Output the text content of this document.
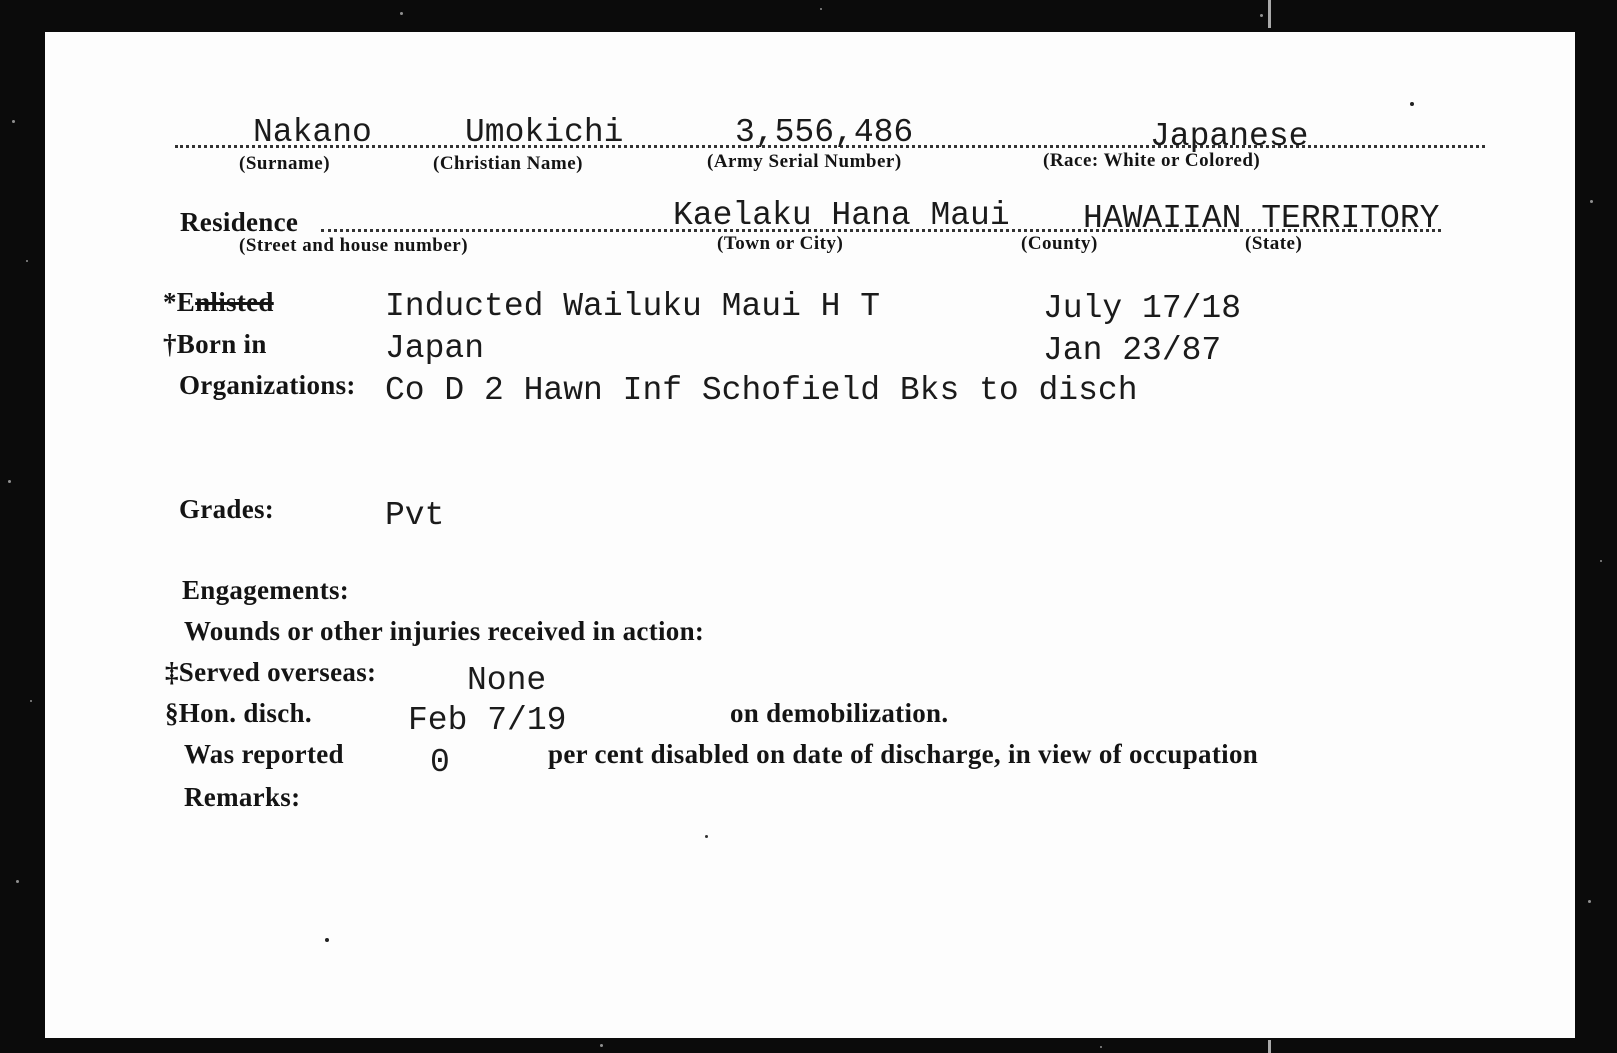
Nakano	Umokichi	3,556,486	Japanese
(Surname)	(Christian Name)	(Army Serial Number)	(Race: White or Colored)
Residence	Kaelaku Hana Maui HAWAIIAN TERRITORY
(Street and house number)	(Town or City)	(County)	(State)
*Enlisted	Inducted Wailuku Maui H T	July 17/18
†Born in	Japan	Jan 23/87
Organizations: Co D 2 Hawn Inf Schofield Bks to disch
Grades:	Pvt
Engagements:
Wounds or other injuries received in action:
‡Served overseas:	None
§Hon. disch.	Feb 7/19	on demobilization.
Was reported	0	per cent disabled on date of discharge, in view of occupation
Remarks:
